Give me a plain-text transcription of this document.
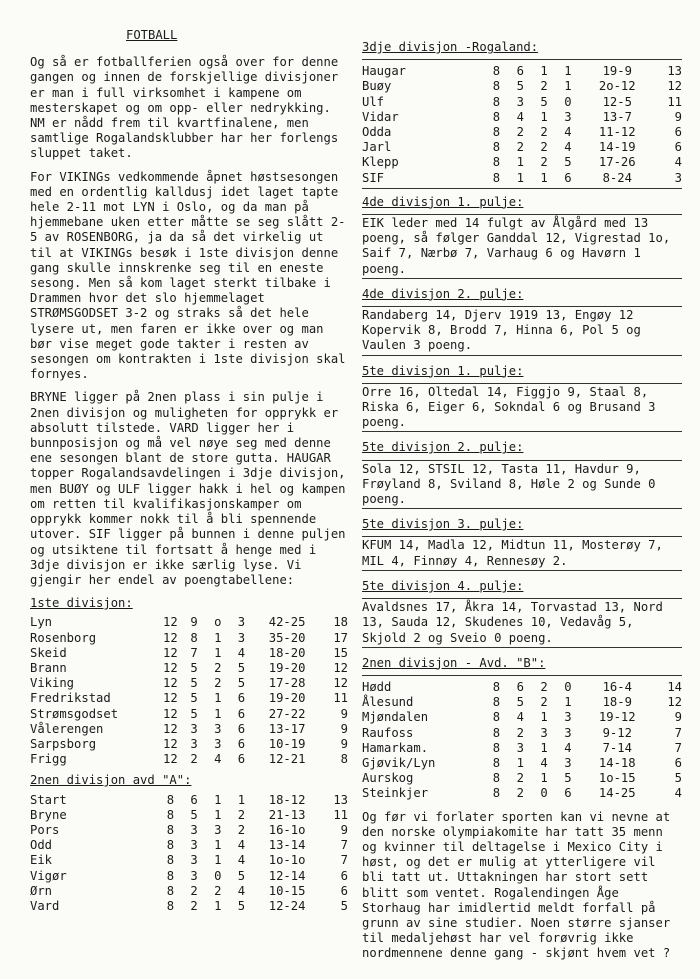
FOTBALL

Og så er fotballferien også over for denne gangen og innen de forskjellige divisjoner er man i full virksomhet i kampene om mesterskapet og om opp- eller nedrykking. NM er nådd frem til kvartfinalene, men samtlige Rogalandsklubber har her forlengs sluppet taket.

For VIKINGs vedkommende åpnet høstsesongen med en ordentlig kalldusj idet laget tapte hele 2-11 mot LYN i Oslo, og da man på hjemmebane uken etter måtte se seg slått 2-5 av ROSENBORG, ja da så det virkelig ut til at VIKINGs besøk i 1ste divisjon denne gang skulle innskrenke seg til en eneste sesong. Men så kom laget sterkt tilbake i Drammen hvor det slo hjemmelaget STRØMSGODSET 3-2 og straks så det hele lysere ut, men faren er ikke over og man bør vise meget gode takter i resten av sesongen om kontrakten i 1ste divisjon skal fornyes.

BRYNE ligger på 2nen plass i sin pulje i 2nen divisjon og muligheten for opprykk er absolutt tilstede. VARD ligger her i bunnposisjon og må vel nøye seg med denne ene sesongen blant de store gutta. HAUGAR topper Rogalandsavdelingen i 3dje divisjon, men BUØY og ULF ligger hakk i hel og kampen om retten til kvalifikasjonskamper om opprykk kommer nokk til å bli spennende utover. SIF ligger på bunnen i denne puljen og utsiktene til fortsatt å henge med i 3dje divisjon er ikke særlig lyse. Vi gjengir her endel av poengtabellene:

1ste divisjon:
Lyn	12	9	o	3	42-25	18
Rosenborg	12	8	1	3	35-20	17
Skeid	12	7	1	4	18-20	15
Brann	12	5	2	5	19-20	12
Viking	12	5	2	5	17-28	12
Fredrikstad	12	5	1	6	19-20	11
Strømsgodset	12	5	1	6	27-22	9
Vålerengen	12	3	3	6	13-17	9
Sarpsborg	12	3	3	6	10-19	9
Frigg	12	2	4	6	12-21	8
2nen divisjon avd "A":
Start	8	6	1	1	18-12	13
Bryne	8	5	1	2	21-13	11
Pors	8	3	3	2	16-1o	9
Odd	8	3	1	4	13-14	7
Eik	8	3	1	4	1o-1o	7
Vigør	8	3	0	5	12-14	6
Ørn	8	2	2	4	10-15	6
Vard	8	2	1	5	12-24	5
3dje divisjon -Rogaland:
Haugar	8	6	1	1	19-9	13
Buøy	8	5	2	1	2o-12	12
Ulf	8	3	5	0	12-5	11
Vidar	8	4	1	3	13-7	9
Odda	8	2	2	4	11-12	6
Jarl	8	2	2	4	14-19	6
Klepp	8	1	2	5	17-26	4
SIF	8	1	1	6	8-24	3
4de divisjon 1. pulje:
EIK leder med 14 fulgt av Ålgård med 13 poeng, så følger Ganddal 12, Vigrestad 1o, Saif 7, Nærbø 7, Varhaug 6 og Havørn 1 poeng.
4de divisjon 2. pulje:
Randaberg 14, Djerv 1919 13, Engøy 12 Kopervik 8, Brodd 7, Hinna 6, Pol 5 og Vaulen 3 poeng.
5te divisjon 1. pulje:
Orre 16, Oltedal 14, Figgjo 9, Staal 8, Riska 6, Eiger 6, Sokndal 6 og Brusand 3 poeng.
5te divisjon 2. pulje:
Sola 12, STSIL 12, Tasta 11, Havdur 9, Frøyland 8, Sviland 8, Høle 2 og Sunde 0 poeng.
5te divisjon 3. pulje:
KFUM 14, Madla 12, Midtun 11, Mosterøy 7, MIL 4, Finnøy 4, Rennesøy 2.
5te divisjon 4. pulje:
Avaldsnes 17, Åkra 14, Torvastad 13, Nord 13, Sauda 12, Skudenes 10, Vedavåg 5, Skjold 2 og Sveio 0 poeng.
2nen divisjon - Avd. "B":
Hødd	8	6	2	0	16-4	14
Ålesund	8	5	2	1	18-9	12
Mjøndalen	8	4	1	3	19-12	9
Raufoss	8	2	3	3	9-12	7
Hamarkam.	8	3	1	4	7-14	7
Gjøvik/Lyn	8	1	4	3	14-18	6
Aurskog	8	2	1	5	1o-15	5
Steinkjer	8	2	0	6	14-25	4

Og før vi forlater sporten kan vi nevne at den norske olympiakomite har tatt 35 menn og kvinner til deltagelse i Mexico City i høst, og det er mulig at ytterligere vil bli tatt ut. Uttakningen har stort sett blitt som ventet. Rogalendingen Åge Storhaug har imidlertid meldt forfall på grunn av sine studier. Noen større sjanser til medaljehøst har vel forøvrig ikke nordmennene denne gang - skjønt hvem vet ?
